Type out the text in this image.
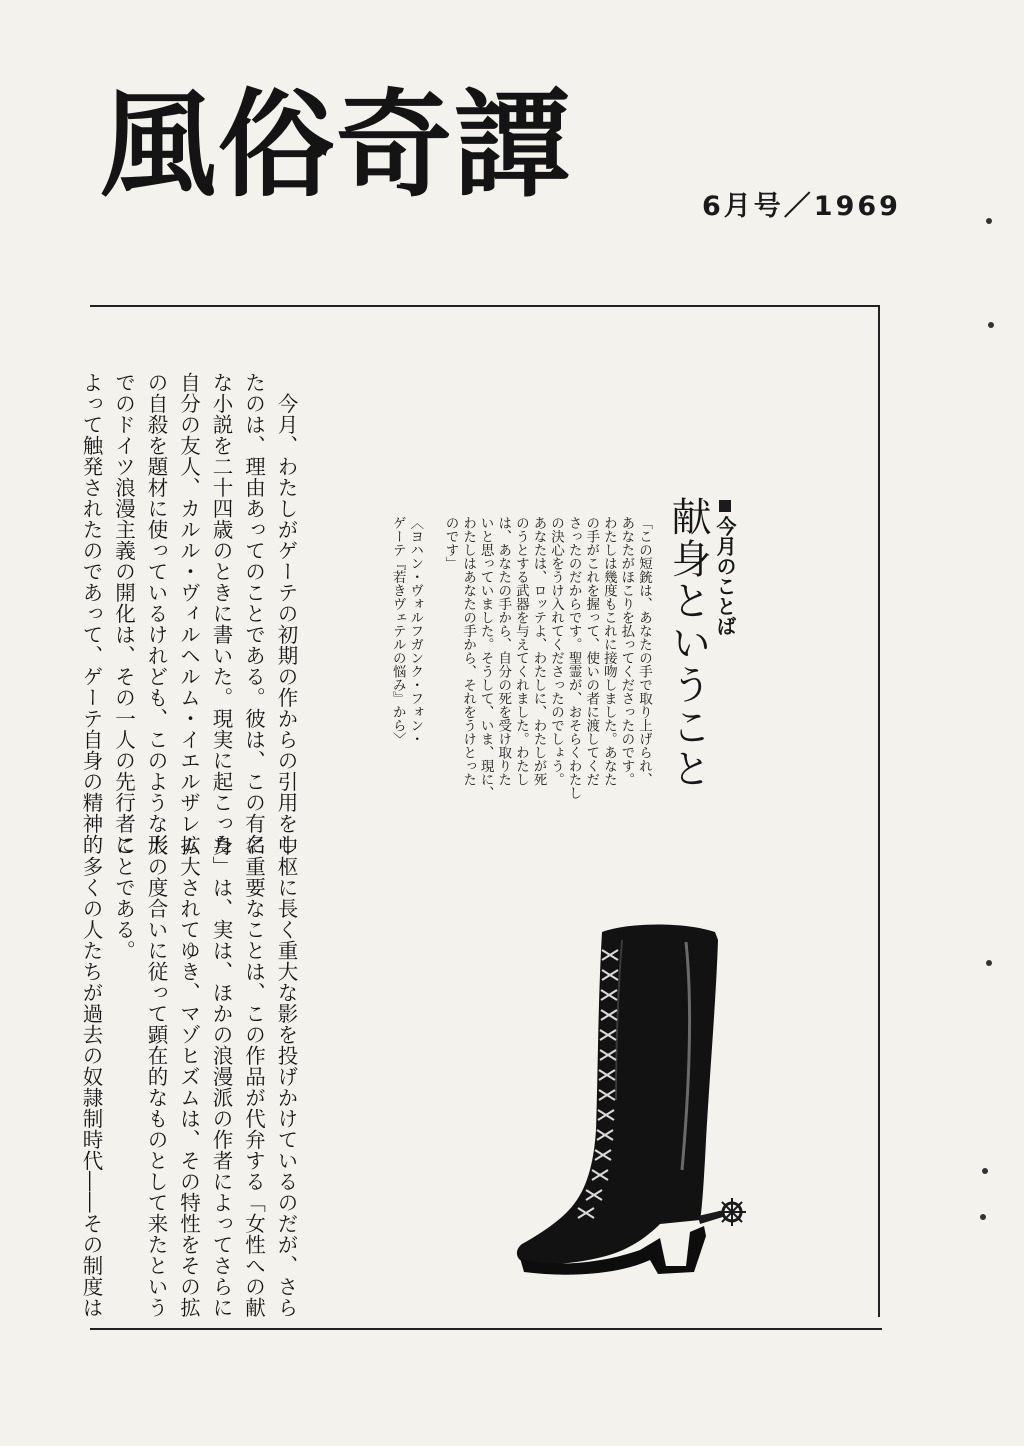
風俗奇譚	6月号／1969
今月のことば
献身ということ
「この短銃は、あなたの手で取り上げられ、
あなたがほこりを払ってくださったのです。
わたしは幾度もこれに接吻しました。あなた
の手がこれを握って、使いの者に渡してくだ
さったのだからです。聖霊が、おそらくわたし
の決心をうけ入れてくださったのでしょう。
あなたは、ロッテよ、わたしに、わたしが死
のうとする武器を与えてくれました。わたし
は、あなたの手から、自分の死を受け取りた
いと思っていました。そうして、いま、現に、
わたしはあなたの手から、それをうけとった
のです」

〈ヨハン・ヴォルフガンク・フォン・
ゲーテ『若きヴェテルの悩み』から〉
　今月、わたしがゲーテの初期の作からの引用をし
たのは、理由あってのことである。彼は、この有名
な小説を二十四歳のときに書いた。現実に起こった
自分の友人、カルル・ヴィルヘルム・イエルザレム
の自殺を題材に使っているけれども、このような形
でのドイツ浪漫主義の開化は、その一人の先行者に
よって触発されたのであって、ゲーテ自身の精神的
中枢に長く重大な影を投げかけているのだが、さら
に重要なことは、この作品が代弁する「女性への献
身」は、実は、ほかの浪漫派の作者によってさらに
拡大されてゆき、マゾヒズムは、その特性をその拡
大の度合いに従って顕在的なものとして来たという
ことである。
　多くの人たちが過去の奴隷制時代――その制度は
